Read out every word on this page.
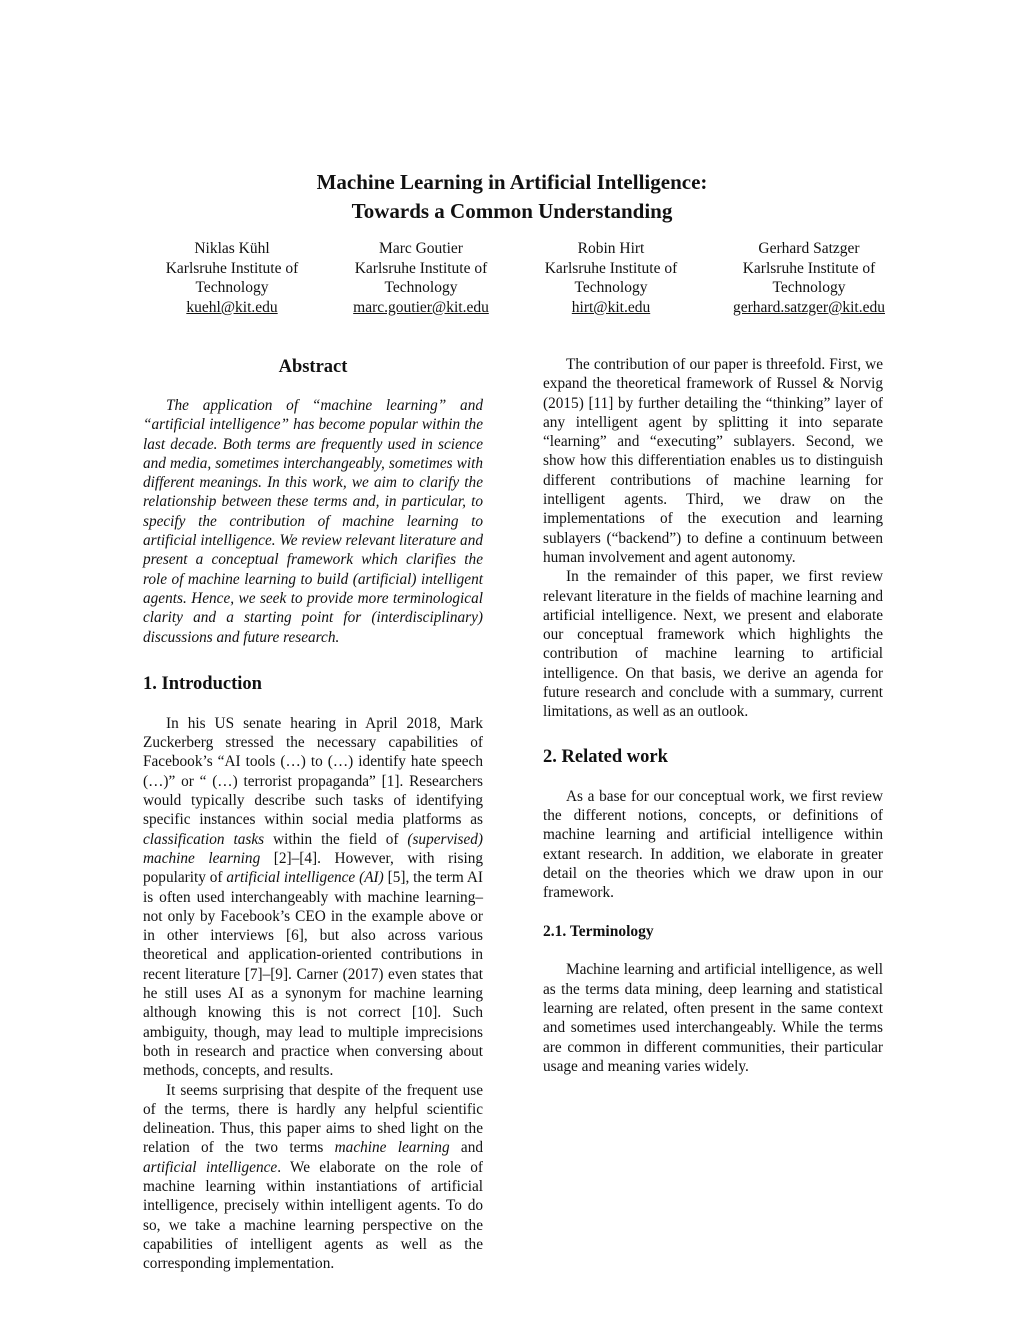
Machine Learning in Artificial Intelligence:
Towards a Common Understanding
Niklas Kühl
Karlsruhe Institute of
Technology
kuehl@kit.edu
Marc Goutier
Karlsruhe Institute of
Technology
marc.goutier@kit.edu
Robin Hirt
Karlsruhe Institute of
Technology
hirt@kit.edu
Gerhard Satzger
Karlsruhe Institute of
Technology
gerhard.satzger@kit.edu
Abstract

The application of “machine learning” and “artificial intelligence” has become popular within the last decade. Both terms are frequently used in science and media, sometimes interchangeably, sometimes with different meanings. In this work, we aim to clarify the relationship between these terms and, in particular, to specify the contribution of machine learning to artificial intelligence. We review relevant literature and present a conceptual framework which clarifies the role of machine learning to build (artificial) intelligent agents. Hence, we seek to provide more terminological clarity and a starting point for (interdisciplinary) discussions and future research.

1. Introduction

In his US senate hearing in April 2018, Mark Zuckerberg stressed the necessary capabilities of Facebook’s “AI tools (…) to (…) identify hate speech (…)” or “ (…) terrorist propaganda” [1]. Researchers would typically describe such tasks of identifying specific instances within social media platforms as classification tasks within the field of (supervised) machine learning [2]–[4]. However, with rising popularity of artificial intelligence (AI) [5], the term AI is often used interchangeably with machine learning–not only by Facebook’s CEO in the example above or in other interviews [6], but also across various theoretical and application-oriented contributions in recent literature [7]–[9]. Carner (2017) even states that he still uses AI as a synonym for machine learning although knowing this is not correct [10]. Such ambiguity, though, may lead to multiple imprecisions both in research and practice when conversing about methods, concepts, and results.

It seems surprising that despite of the frequent use of the terms, there is hardly any helpful scientific delineation. Thus, this paper aims to shed light on the relation of the two terms machine learning and artificial intelligence. We elaborate on the role of machine learning within instantiations of artificial intelligence, precisely within intelligent agents. To do so, we take a machine learning perspective on the capabilities of intelligent agents as well as the corresponding implementation.

The contribution of our paper is threefold. First, we expand the theoretical framework of Russel & Norvig (2015) [11] by further detailing the “thinking” layer of any intelligent agent by splitting it into separate “learning” and “executing” sublayers. Second, we show how this differentiation enables us to distinguish different contributions of machine learning for intelligent agents. Third, we draw on the implementations of the execution and learning sublayers (“backend”) to define a continuum between human involvement and agent autonomy.

In the remainder of this paper, we first review relevant literature in the fields of machine learning and artificial intelligence. Next, we present and elaborate our conceptual framework which highlights the contribution of machine learning to artificial intelligence. On that basis, we derive an agenda for future research and conclude with a summary, current limitations, as well as an outlook.

2. Related work

As a base for our conceptual work, we first review the different notions, concepts, or definitions of machine learning and artificial intelligence within extant research. In addition, we elaborate in greater detail on the theories which we draw upon in our framework.

2.1. Terminology

Machine learning and artificial intelligence, as well as the terms data mining, deep learning and statistical learning are related, often present in the same context and sometimes used interchangeably. While the terms are common in different communities, their particular usage and meaning varies widely.
